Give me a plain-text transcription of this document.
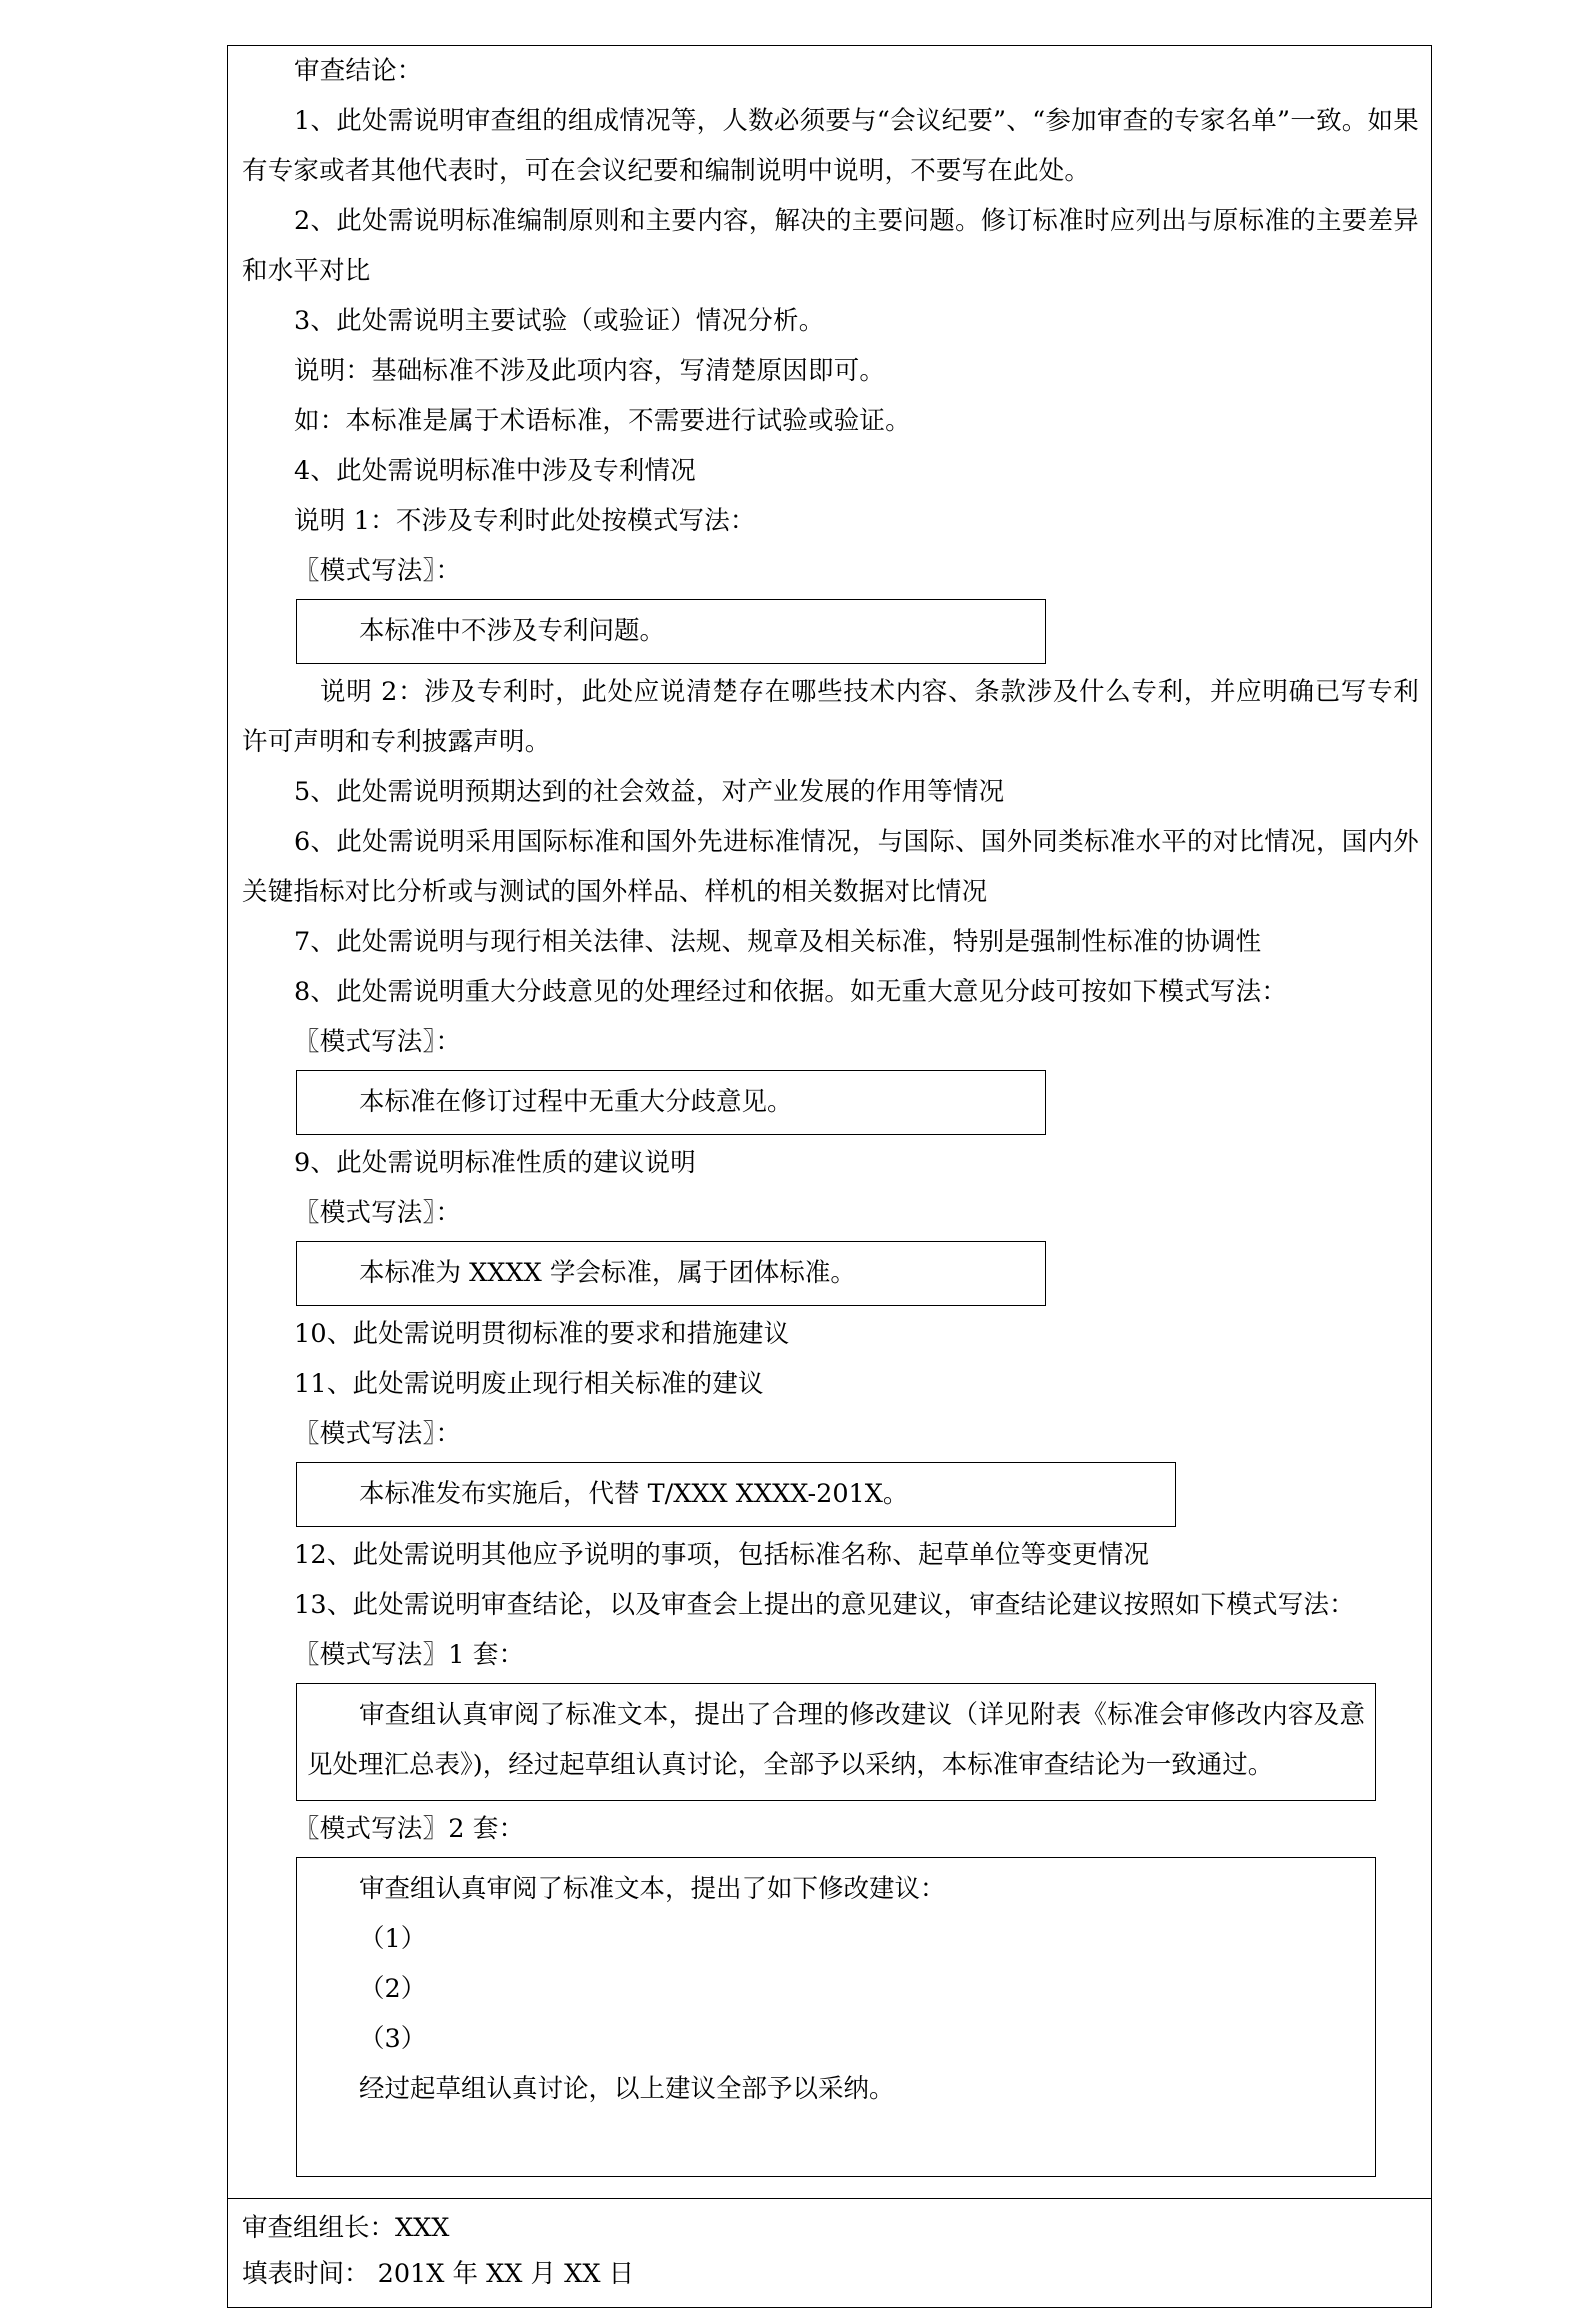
审查结论：

1、此处需说明审查组的组成情况等，人数必须要与“会议纪要”、“参加审查的专家名单”一致。如果有专家或者其他代表时，可在会议纪要和编制说明中说明，不要写在此处。

2、此处需说明标准编制原则和主要内容，解决的主要问题。修订标准时应列出与原标准的主要差异和水平对比

3、此处需说明主要试验（或验证）情况分析。

说明：基础标准不涉及此项内容，写清楚原因即可。

如：本标准是属于术语标准，不需要进行试验或验证。

4、此处需说明标准中涉及专利情况

说明 1：不涉及专利时此处按模式写法：

〖模式写法〗：

本标准中不涉及专利问题。

说明 2：涉及专利时，此处应说清楚存在哪些技术内容、条款涉及什么专利，并应明确已写专利许可声明和专利披露声明。

5、此处需说明预期达到的社会效益，对产业发展的作用等情况

6、此处需说明采用国际标准和国外先进标准情况，与国际、国外同类标准水平的对比情况，国内外关键指标对比分析或与测试的国外样品、样机的相关数据对比情况

7、此处需说明与现行相关法律、法规、规章及相关标准，特别是强制性标准的协调性

8、此处需说明重大分歧意见的处理经过和依据。如无重大意见分歧可按如下模式写法：

〖模式写法〗：

本标准在修订过程中无重大分歧意见。

9、此处需说明标准性质的建议说明

〖模式写法〗：

本标准为 XXXX 学会标准，属于团体标准。

10、此处需说明贯彻标准的要求和措施建议

11、此处需说明废止现行相关标准的建议

〖模式写法〗：

本标准发布实施后，代替 T/XXX XXXX-201X。

12、此处需说明其他应予说明的事项，包括标准名称、起草单位等变更情况

13、此处需说明审查结论，以及审查会上提出的意见建议，审查结论建议按照如下模式写法：

〖模式写法〗1 套：

审查组认真审阅了标准文本，提出了合理的修改建议（详见附表《标准会审修改内容及意见处理汇总表》)，经过起草组认真讨论，全部予以采纳，本标准审查结论为一致通过。

〖模式写法〗2 套：

审查组认真审阅了标准文本，提出了如下修改建议：

（1）

（2）

（3）

经过起草组认真讨论，以上建议全部予以采纳。

审查组组长：XXX

填表时间： 201X 年 XX 月 XX 日
